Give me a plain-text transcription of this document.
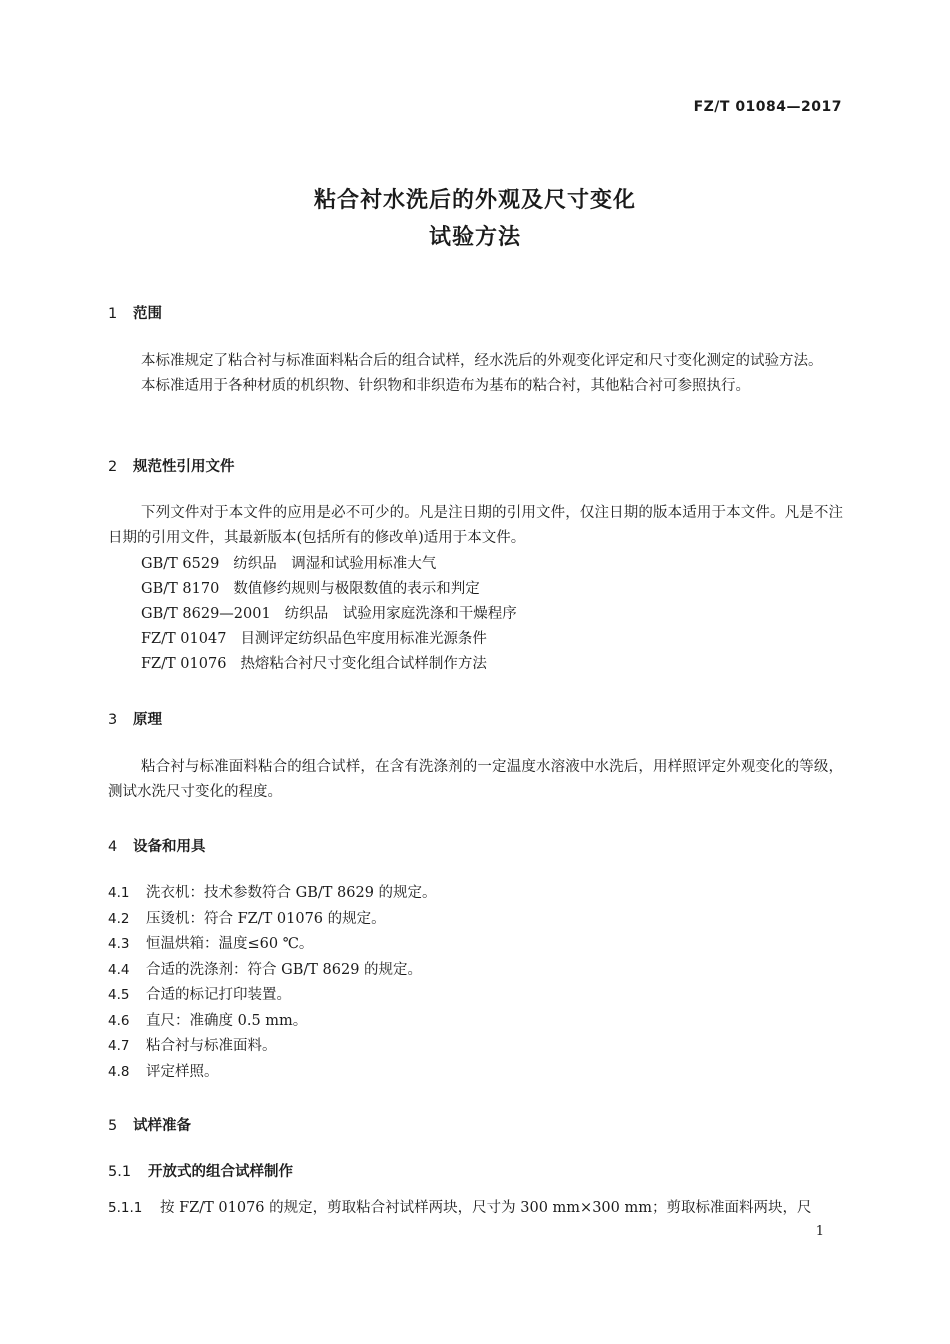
FZ/T 01084—2017
粘合衬水洗后的外观及尺寸变化
试验方法
1 范围

本标准规定了粘合衬与标准面料粘合后的组合试样，经水洗后的外观变化评定和尺寸变化测定的试验方法。

本标准适用于各种材质的机织物、针织物和非织造布为基布的粘合衬，其他粘合衬可参照执行。

2 规范性引用文件

下列文件对于本文件的应用是必不可少的。凡是注日期的引用文件，仅注日期的版本适用于本文件。凡是不注日期的引用文件，其最新版本(包括所有的修改单)适用于本文件。

GB/T 6529 纺织品　调湿和试验用标准大气
GB/T 8170 数值修约规则与极限数值的表示和判定
GB/T 8629—2001 纺织品　试验用家庭洗涤和干燥程序
FZ/T 01047 目测评定纺织品色牢度用标准光源条件
FZ/T 01076 热熔粘合衬尺寸变化组合试样制作方法
3 原理

粘合衬与标准面料粘合的组合试样，在含有洗涤剂的一定温度水溶液中水洗后，用样照评定外观变化的等级，测试水洗尺寸变化的程度。

4 设备和用具
4.1 洗衣机：技术参数符合 GB/T 8629 的规定。
4.2 压烫机：符合 FZ/T 01076 的规定。
4.3 恒温烘箱：温度≤60 ℃。
4.4 合适的洗涤剂：符合 GB/T 8629 的规定。
4.5 合适的标记打印装置。
4.6 直尺：准确度 0.5 mm。
4.7 粘合衬与标准面料。
4.8 评定样照。
5 试样准备
5.1 开放式的组合试样制作
5.1.1 按 FZ/T 01076 的规定，剪取粘合衬试样两块，尺寸为 300 mm×300 mm；剪取标准面料两块，尺
1
